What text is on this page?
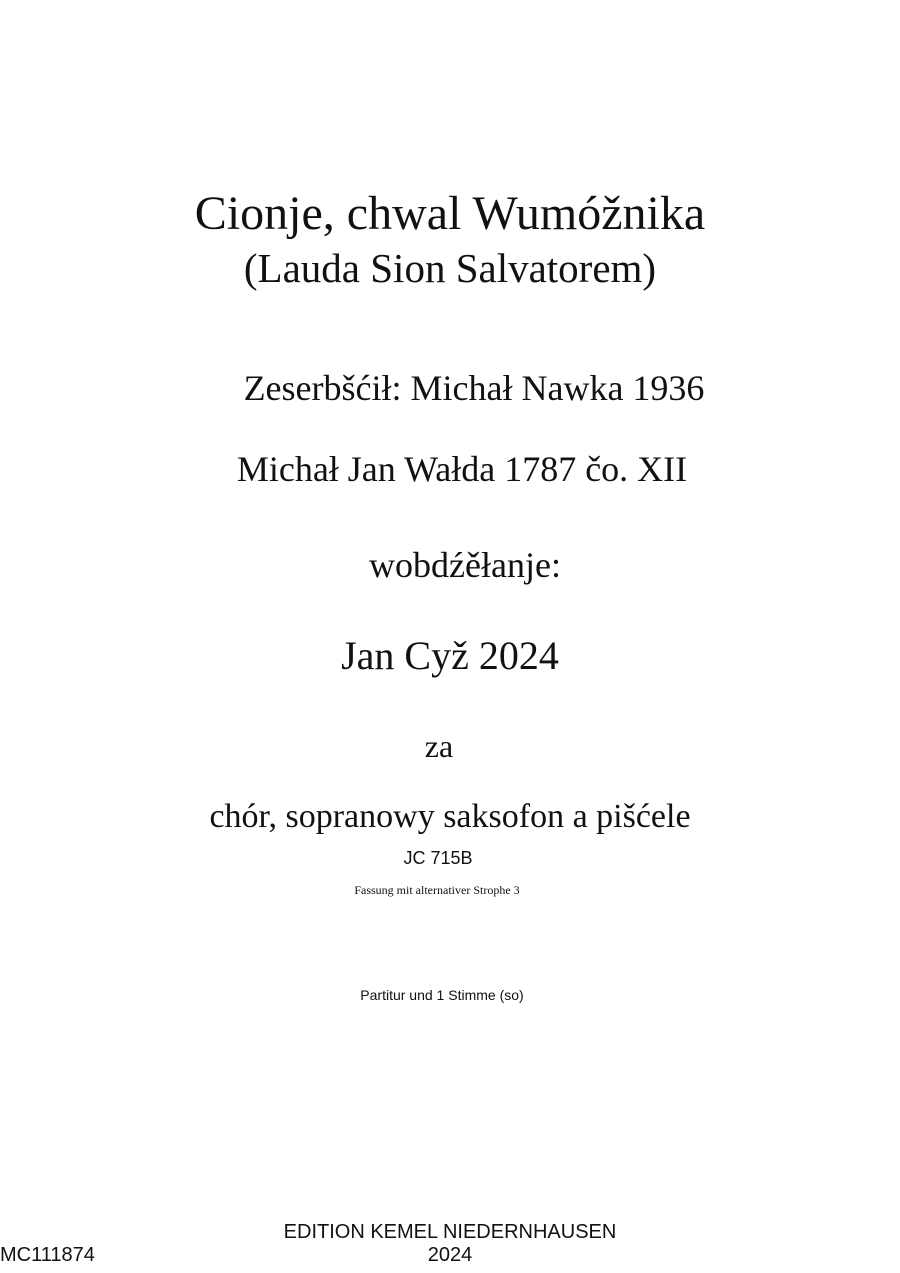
Cionje, chwal Wumóžnika
(Lauda Sion Salvatorem)
Zeserbšćił: Michał Nawka 1936
Michał Jan Wałda 1787 čo. XII
wobdźěłanje:
Jan Cyž 2024
za
chór, sopranowy saksofon a pišćele
JC 715B
Fassung mit alternativer Strophe 3
Partitur und 1 Stimme (so)
EDITION KEMEL NIEDERNHAUSEN
2024
MC111874
